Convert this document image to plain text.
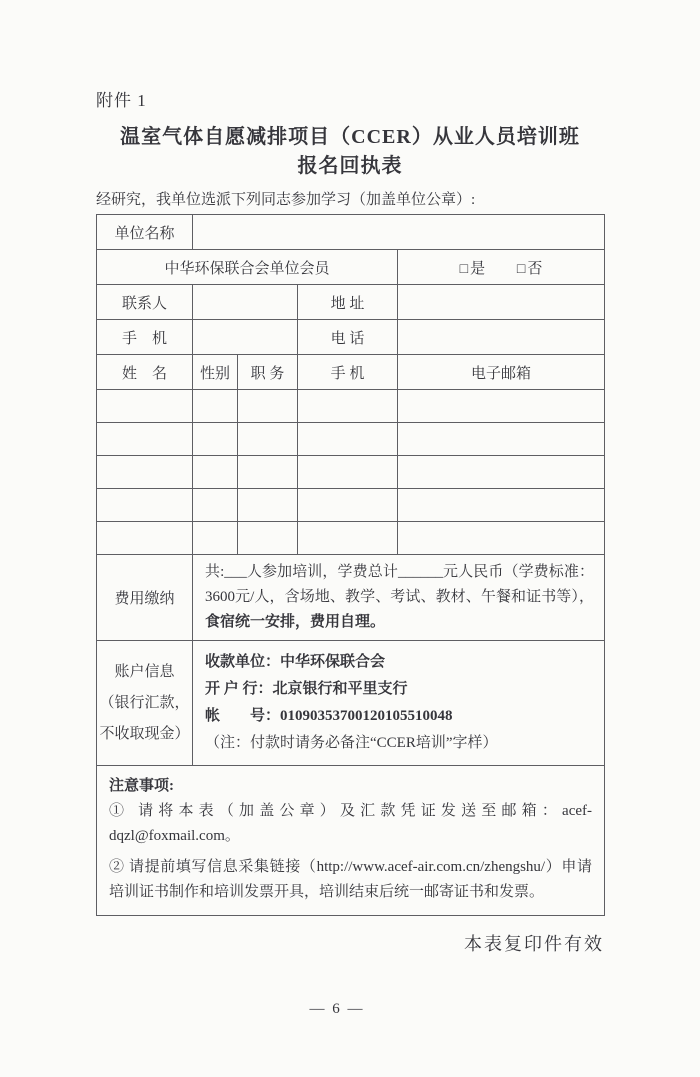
附件 1
温室气体自愿减排项目（CCER）从业人员培训班
报名回执表
经研究，我单位选派下列同志参加学习（加盖单位公章）:
单位名称				
中华环保联合会单位会员				□ 是 □ 否
联系人			地 址	
手　机			电 话	
姓　名	性别	职 务	手 机	电子邮箱

费用缴纳	共:___人参加培训，学费总计______元人民币（学费标准：3600元/人，含场地、教学、考试、教材、午餐和证书等），食宿统一安排，费用自理。			

账户信息
（银行汇款，
不收取现金）

收款单位：中华环保联合会
开 户 行：北京银行和平里支行
帐　　号：01090353700120105510048
（注：付款时请务必备注“CCER培训”字样）

注意事项:
① 请将本表（加盖公章）及汇款凭证发送至邮箱：acef-dqzl@foxmail.com。
② 请提前填写信息采集链接（http://www.acef-air.com.cn/zhengshu/）申请培训证书制作和培训发票开具，培训结束后统一邮寄证书和发票。				
本表复印件有效
— 6 —
